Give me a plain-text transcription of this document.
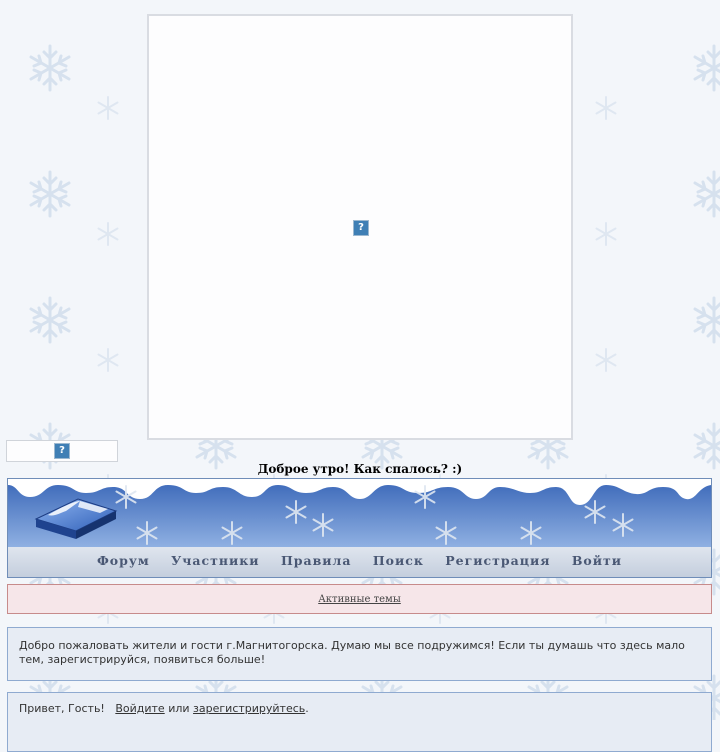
?
?
Доброе утро! Как спалось? :)
Форум Участники Правила Поиск Регистрация Войти
Активные темы
Добро пожаловать жители и гости г.Магнитогорска. Думаю мы все подружимся! Если ты думашь что здесь мало тем, зарегистрируйся, появиться больше!
Привет, Гость! Войдите или зарегистрируйтесь.
